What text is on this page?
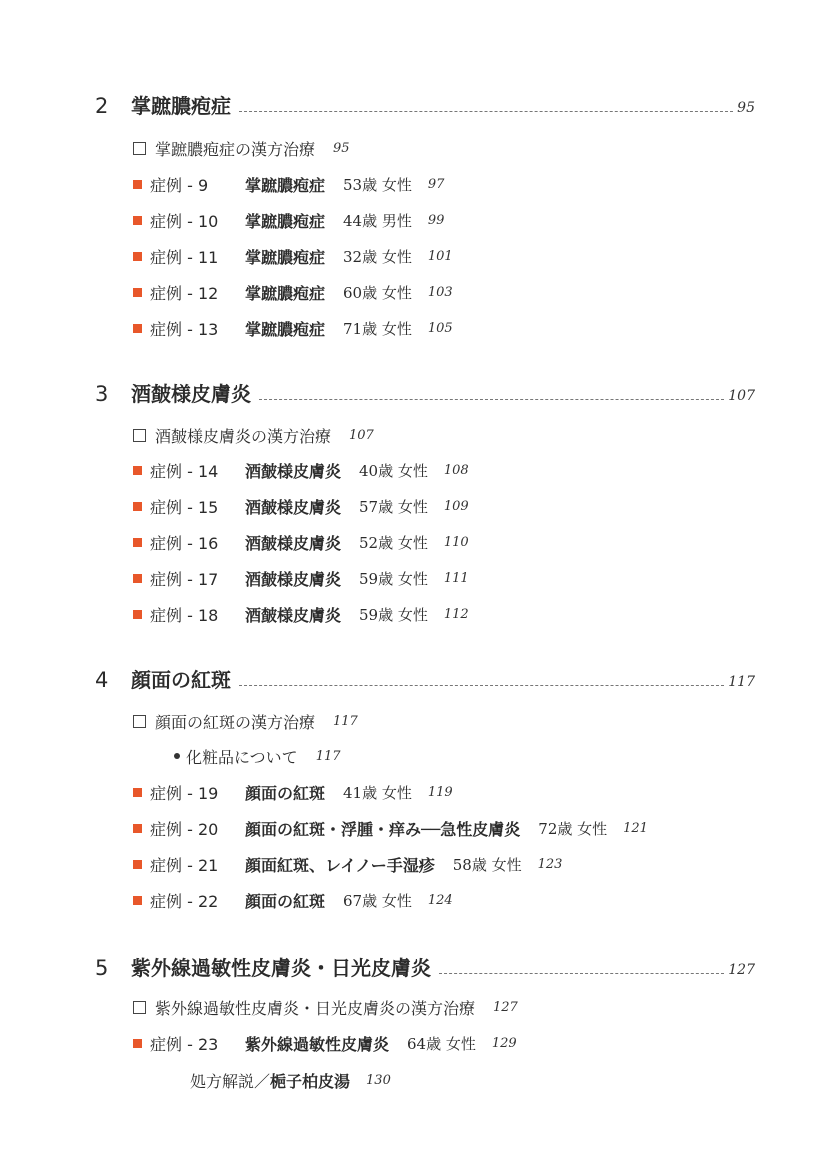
2	掌蹠膿疱症	95
掌蹠膿疱症の漢方治療 95
症例 - 9	掌蹠膿疱症 53歳 女性 97
症例 - 10	掌蹠膿疱症 44歳 男性 99
症例 - 11	掌蹠膿疱症 32歳 女性 101
症例 - 12	掌蹠膿疱症 60歳 女性 103
症例 - 13	掌蹠膿疱症 71歳 女性 105
3	酒皶様皮膚炎	107
酒皶様皮膚炎の漢方治療 107
症例 - 14	酒皶様皮膚炎 40歳 女性 108
症例 - 15	酒皶様皮膚炎 57歳 女性 109
症例 - 16	酒皶様皮膚炎 52歳 女性 110
症例 - 17	酒皶様皮膚炎 59歳 女性 111
症例 - 18	酒皶様皮膚炎 59歳 女性 112
4	顔面の紅斑	117
顔面の紅斑の漢方治療 117
化粧品について 117
症例 - 19	顔面の紅斑 41歳 女性 119
症例 - 20	顔面の紅斑・浮腫・痒み──急性皮膚炎 72歳 女性 121
症例 - 21	顔面紅斑、レイノー手湿疹 58歳 女性 123
症例 - 22	顔面の紅斑 67歳 女性 124
5	紫外線過敏性皮膚炎・日光皮膚炎	127
紫外線過敏性皮膚炎・日光皮膚炎の漢方治療 127
症例 - 23	紫外線過敏性皮膚炎 64歳 女性 129
処方解説／ 梔子柏皮湯 130
